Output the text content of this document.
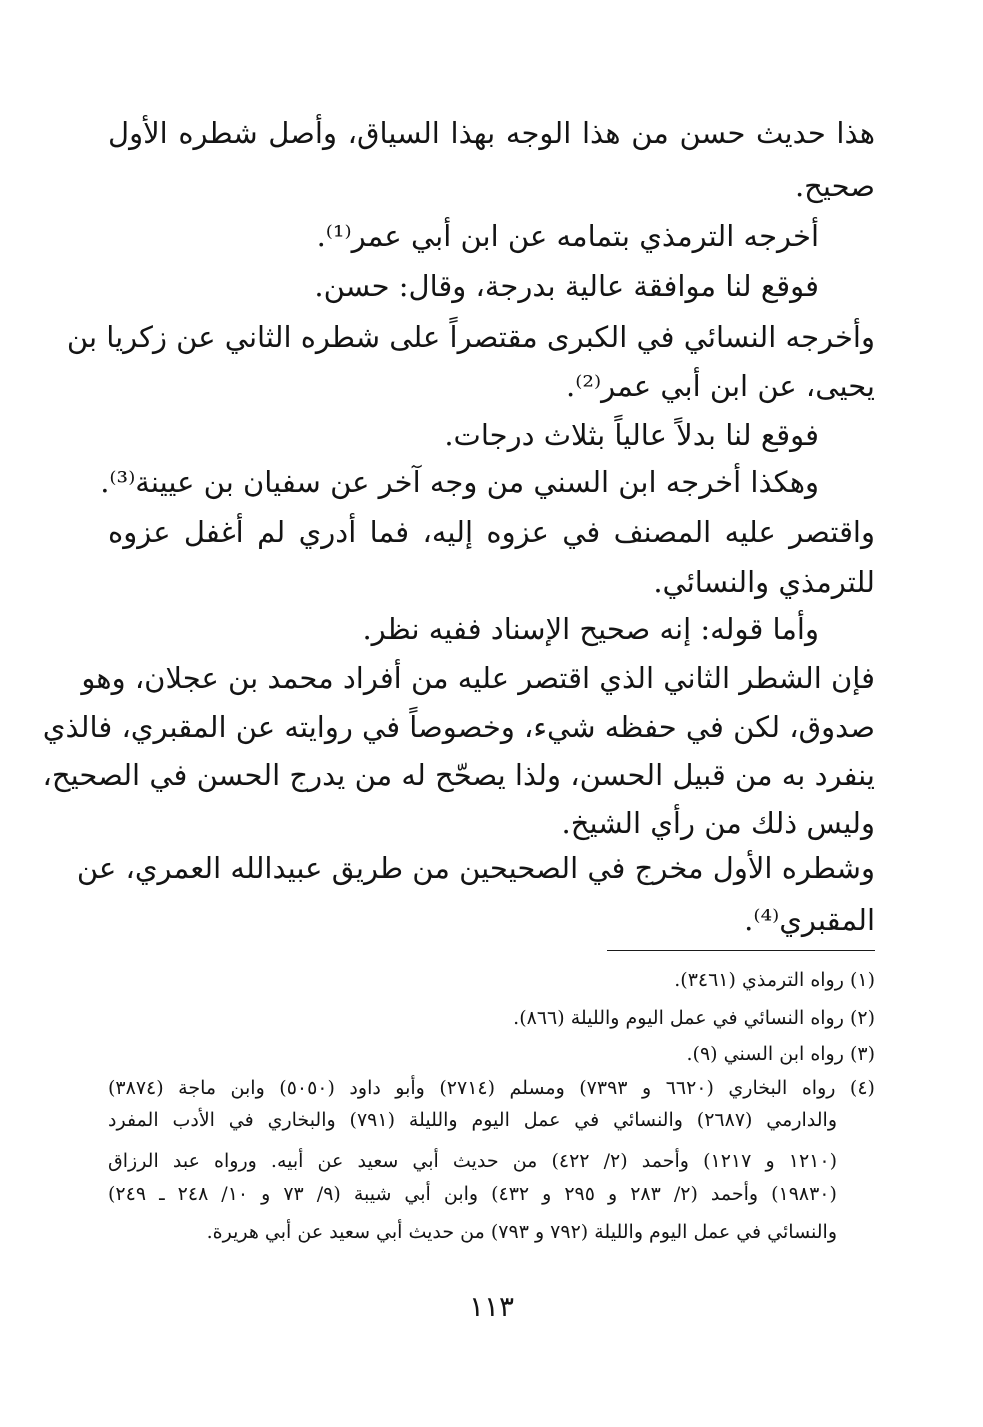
هذا حديث حسن من هذا الوجه بهذا السياق، وأصل شطره الأول
صحيح.
أخرجه الترمذي بتمامه عن ابن أبي عمر⁽¹⁾.
فوقع لنا موافقة عالية بدرجة، وقال: حسن.
وأخرجه النسائي في الكبرى مقتصراً على شطره الثاني عن زكريا بن
يحيى، عن ابن أبي عمر⁽²⁾.
فوقع لنا بدلاً عالياً بثلاث درجات.
وهكذا أخرجه ابن السني من وجه آخر عن سفيان بن عيينة⁽³⁾.
واقتصر عليه المصنف في عزوه إليه، فما أدري لم أغفل عزوه
للترمذي والنسائي.
وأما قوله: إنه صحيح الإسناد ففيه نظر.
فإن الشطر الثاني الذي اقتصر عليه من أفراد محمد بن عجلان، وهو
صدوق، لكن في حفظه شيء، وخصوصاً في روايته عن المقبري، فالذي
ينفرد به من قبيل الحسن، ولذا يصحّح له من يدرج الحسن في الصحيح،
وليس ذلك من رأي الشيخ.
وشطره الأول مخرج في الصحيحين من طريق عبيدالله العمري، عن
المقبري⁽⁴⁾.
(١) رواه الترمذي (٣٤٦١).
(٢) رواه النسائي في عمل اليوم والليلة (٨٦٦).
(٣) رواه ابن السني (٩).
(٤) رواه البخاري (٦٦٢٠ و ٧٣٩٣) ومسلم (٢٧١٤) وأبو داود (٥٠٥٠) وابن ماجة (٣٨٧٤)
والدارمي (٢٦٨٧) والنسائي في عمل اليوم والليلة (٧٩١) والبخاري في الأدب المفرد
(١٢١٠ و ١٢١٧) وأحمد (٢/ ٤٢٢) من حديث أبي سعيد عن أبيه. ورواه عبد الرزاق
(١٩٨٣٠) وأحمد (٢/ ٢٨٣ و ٢٩٥ و ٤٣٢) وابن أبي شيبة (٩/ ٧٣ و ١٠/ ٢٤٨ ـ ٢٤٩)
والنسائي في عمل اليوم والليلة (٧٩٢ و ٧٩٣) من حديث أبي سعيد عن أبي هريرة.
١١٣
